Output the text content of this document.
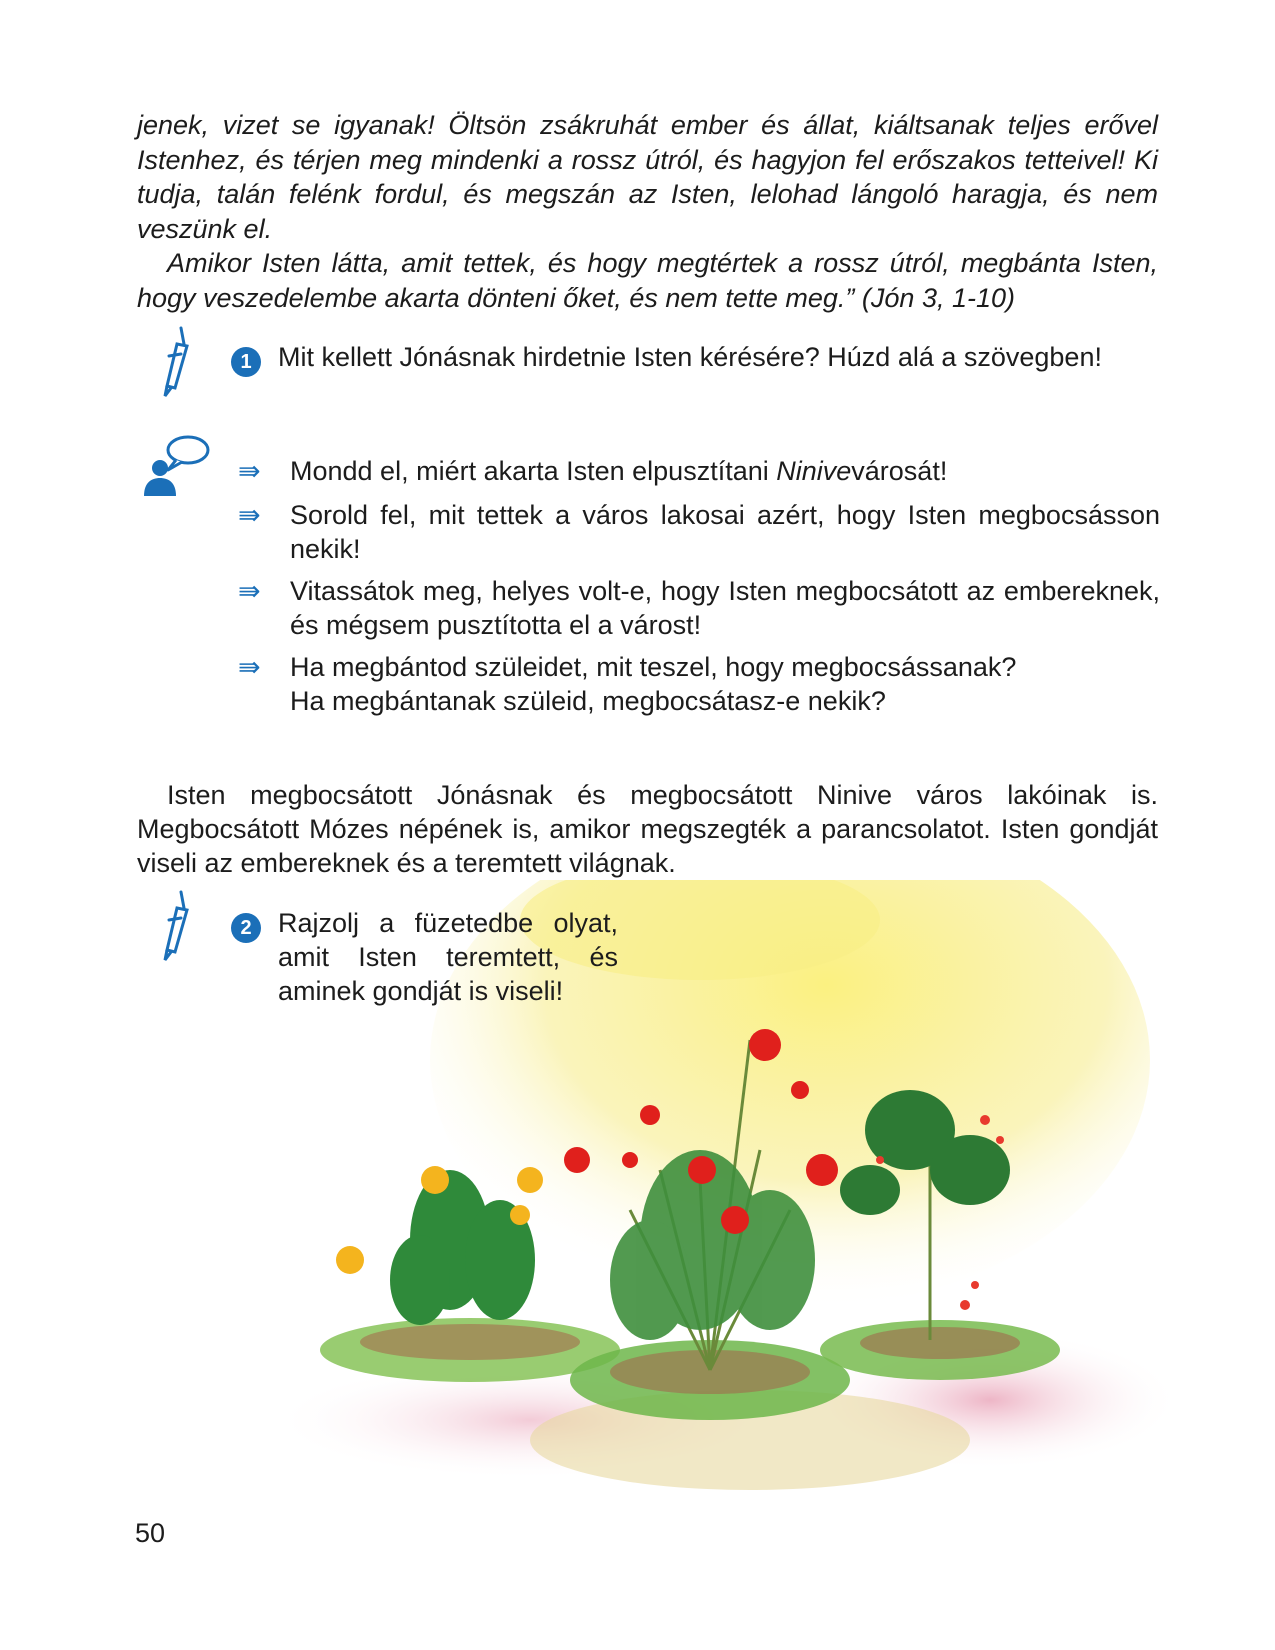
jenek, vizet se igyanak! Öltsön zsákruhát ember és állat, kiáltsanak teljes erővel Istenhez, és térjen meg mindenki a rossz útról, és hagyjon fel erőszakos tetteivel! Ki tudja, talán felénk fordul, és megszán az Isten, lelohad lángoló haragja, és nem veszünk el.

Amikor Isten látta, amit tettek, és hogy megtértek a rossz útról, megbánta Isten, hogy veszedelembe akarta dönteni őket, és nem tette meg.” (Jón 3, 1-10)

1 Mit kellett Jónásnak hirdetnie Isten kérésére? Húzd alá a szövegben!

⇛ Mondd el, miért akarta Isten elpusztítani Ninivevárosát!

⇛ Sorold fel, mit tettek a város lakosai azért, hogy Isten megbocsásson nekik!

⇛ Vitassátok meg, helyes volt-e, hogy Isten megbocsátott az embereknek, és mégsem pusztította el a várost!

⇛ Ha megbántod szüleidet, mit teszel, hogy megbocsássanak?
Ha megbántanak szüleid, megbocsátasz-e nekik?

Isten megbocsátott Jónásnak és megbocsátott Ninive város lakóinak is. Megbocsátott Mózes népének is, amikor megszegték a parancsolatot. Isten gondját viseli az embereknek és a teremtett világnak.

2 Rajzolj a füzetedbe olyat, amit Isten teremtett, és aminek gondját is viseli!

50
